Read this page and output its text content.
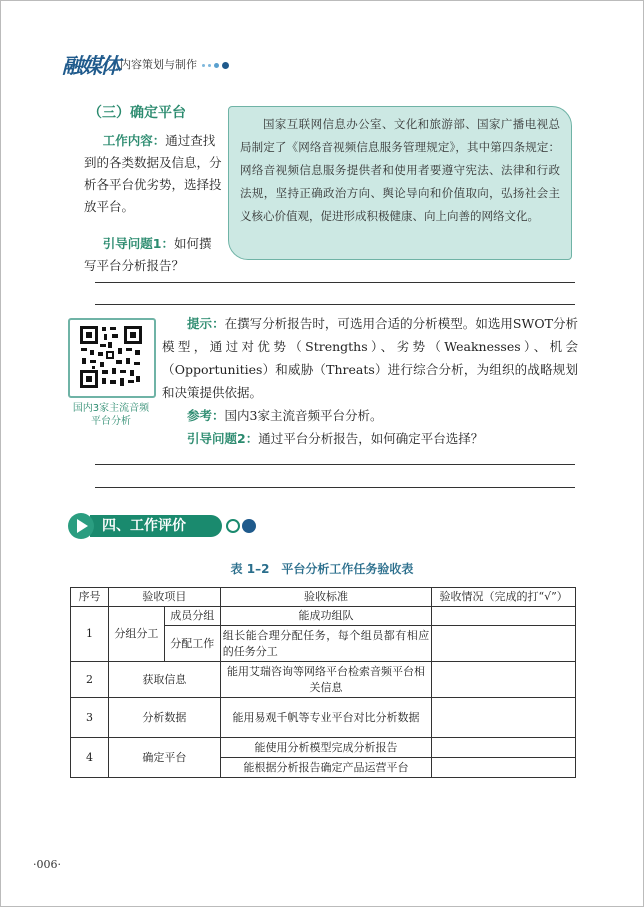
融媒体 内容策划与制作
（三）确定平台

工作内容：通过查找到的各类数据及信息，分析各平台优劣势，选择投放平台。

引导问题1：如何撰写平台分析报告？

国家互联网信息办公室、文化和旅游部、国家广播电视总局制定了《网络音视频信息服务管理规定》，其中第四条规定：网络音视频信息服务提供者和使用者要遵守宪法、法律和行政法规，坚持正确政治方向、舆论导向和价值取向，弘扬社会主义核心价值观，促进形成积极健康、向上向善的网络文化。
国内3家主流音频平台分析

提示：在撰写分析报告时，可选用合适的分析模型。如选用SWOT分析模型，通过对优势（Strengths）、劣势（Weaknesses）、机会（Opportunities）和威胁（Threats）进行综合分析，为组织的战略规划和决策提供依据。

参考：国内3家主流音频平台分析。

引导问题2：通过平台分析报告，如何确定平台选择？

四、工作评价
表 1–2　平台分析工作任务验收表
序号	验收项目		验收标准	验收情况（完成的打“√”）
1	分组分工	成员分组	能成功组队	
		分配工作	组长能合理分配任务，每个组员都有相应的任务分工	
2	获取信息		能用艾瑞咨询等网络平台检索音频平台相关信息	
3	分析数据		能用易观千帆等专业平台对比分析数据	
4	确定平台		能使用分析模型完成分析报告	
			能根据分析报告确定产品运营平台	
·006·
